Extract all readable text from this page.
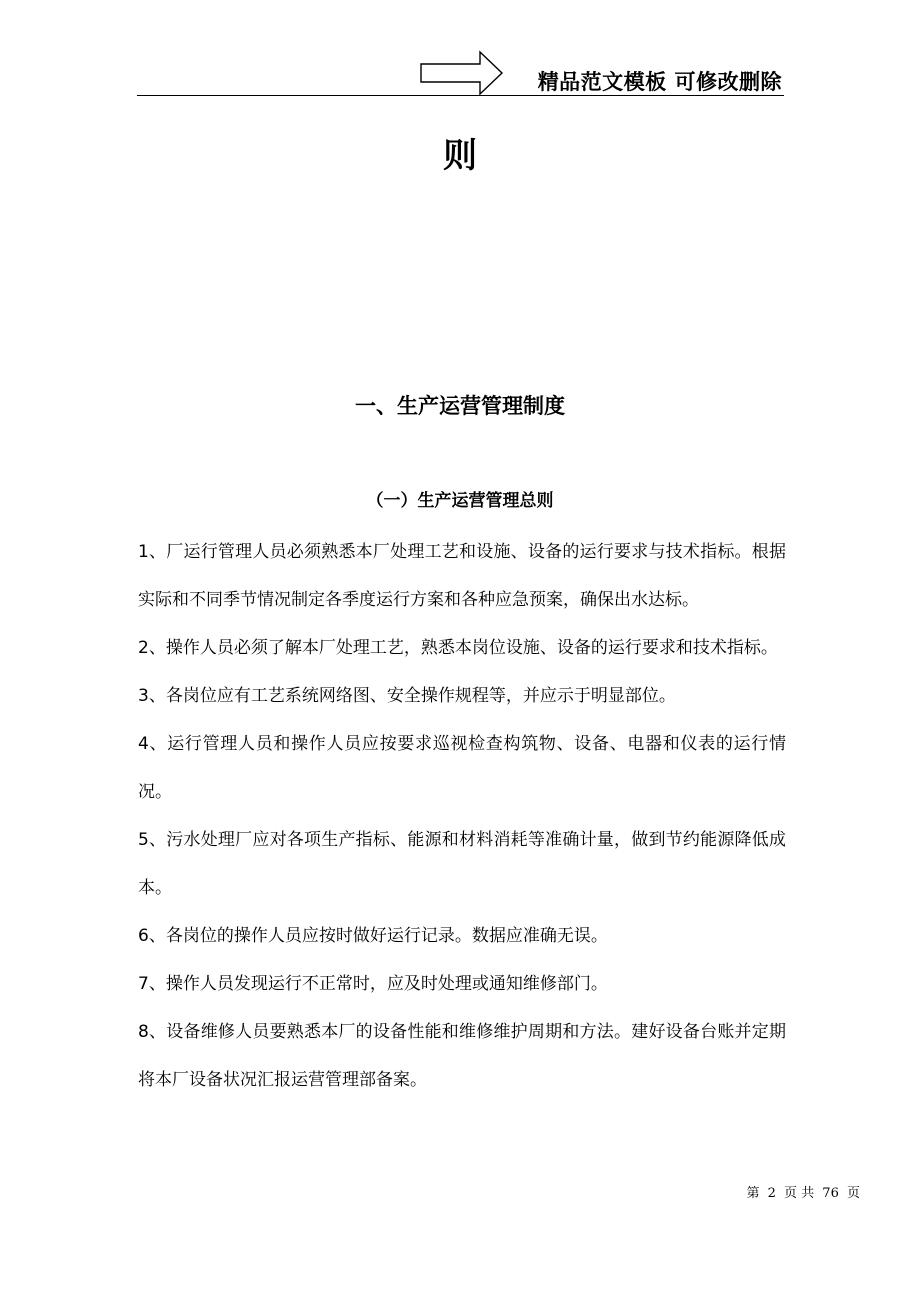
精品范文模板 可修改删除
则
一、生产运营管理制度
（一）生产运营管理总则
1、厂运行管理人员必须熟悉本厂处理工艺和设施、设备的运行要求与技术指标。根据实际和不同季节情况制定各季度运行方案和各种应急预案，确保出水达标。
2、操作人员必须了解本厂处理工艺，熟悉本岗位设施、设备的运行要求和技术指标。
3、各岗位应有工艺系统网络图、安全操作规程等，并应示于明显部位。
4、运行管理人员和操作人员应按要求巡视检查构筑物、设备、电器和仪表的运行情况。
5、污水处理厂应对各项生产指标、能源和材料消耗等准确计量，做到节约能源降低成本。
6、各岗位的操作人员应按时做好运行记录。数据应准确无误。
7、操作人员发现运行不正常时，应及时处理或通知维修部门。
8、设备维修人员要熟悉本厂的设备性能和维修维护周期和方法。建好设备台账并定期将本厂设备状况汇报运营管理部备案。
第 2 页 共 76 页
